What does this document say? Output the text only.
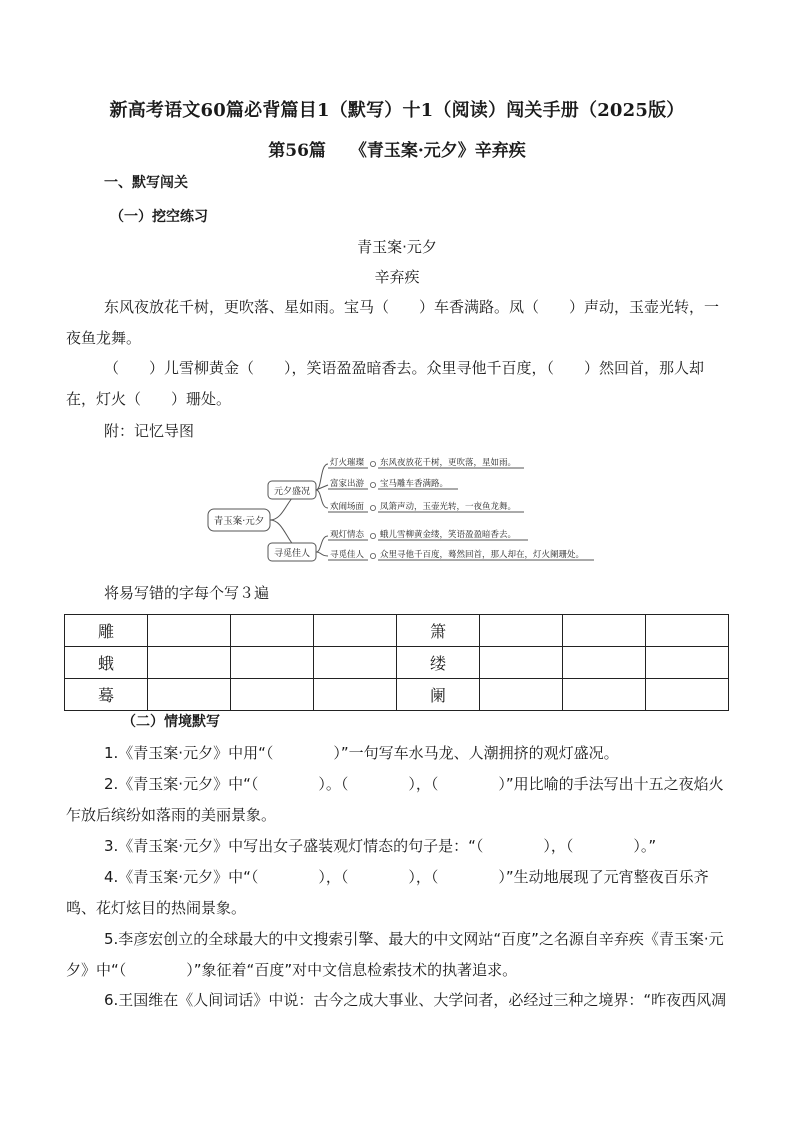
新高考语文60篇必背篇目1（默写）十1（阅读）闯关手册（2025版）
第56篇 《青玉案·元夕》辛弃疾
一、默写闯关
（一）挖空练习
青玉案·元夕
辛弃疾

东风夜放花千树，更吹落、星如雨。宝马（　　）车香满路。凤（　　）声动，玉壶光转，一夜鱼龙舞。

（　　）儿雪柳黄金（　　），笑语盈盈暗香去。众里寻他千百度，（　　）然回首，那人却在，灯火（　　）珊处。

附：记忆导图
青玉案·元夕
元夕盛况
寻觅佳人
灯火璀璨 东风夜放花千树，更吹落，星如雨。
富家出游 宝马雕车香满路。
欢闹场面 凤箫声动，玉壶光转，一夜鱼龙舞。
观灯情态 蛾儿雪柳黄金缕，笑语盈盈暗香去。
寻觅佳人 众里寻他千百度，蓦然回首，那人却在，灯火阑珊处。
将易写错的字每个写３遍
雕				箫			
蛾				缕			
蓦				阑			
（二）情境默写

1.《青玉案·元夕》中用“（　　　　）”一句写车水马龙、人潮拥挤的观灯盛况。

2.《青玉案·元夕》中“（　　　　）。（　　　　），（　　　　）”用比喻的手法写出十五之夜焰火乍放后缤纷如落雨的美丽景象。

3.《青玉案·元夕》中写出女子盛装观灯情态的句子是：“（　　　　），（　　　　）。”

4.《青玉案·元夕》中“（　　　　），（　　　　），（　　　　）”生动地展现了元宵整夜百乐齐鸣、花灯炫目的热闹景象。

5.李彦宏创立的全球最大的中文搜索引擎、最大的中文网站“百度”之名源自辛弃疾《青玉案·元夕》中“（　　　　）”象征着“百度”对中文信息检索技术的执著追求。

6.王国维在《人间词话》中说：古今之成大事业、大学问者，必经过三种之境界：“昨夜西风凋
